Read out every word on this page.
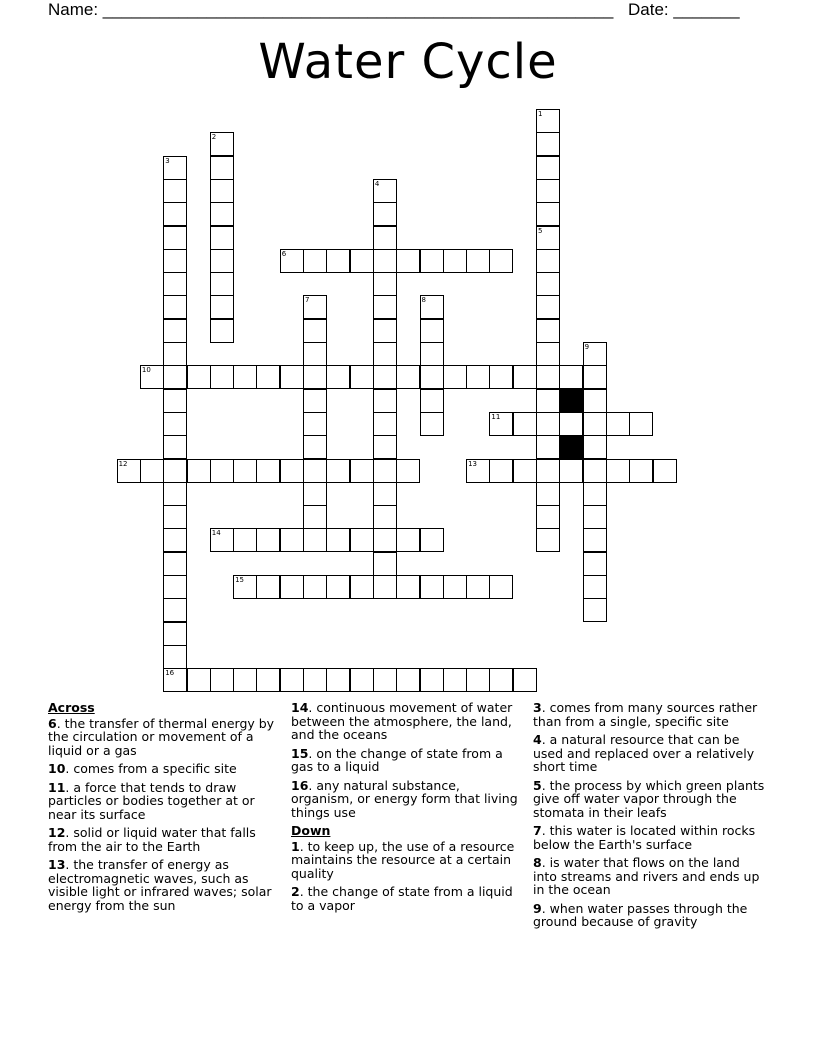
Name: ______________________________________________________ Date: _______
Water Cycle
1
5
2
3
16
4
6
7	8
9
10
11
12	13
14
15
Across
6. the transfer of thermal energy by the circulation or movement of a liquid or a gas
10. comes from a specific site
11. a force that tends to draw particles or bodies together at or near its surface
12. solid or liquid water that falls from the air to the Earth
13. the transfer of energy as electromagnetic waves, such as visible light or infrared waves; solar energy from the sun
14. continuous movement of water between the atmosphere, the land, and the oceans
15. on the change of state from a gas to a liquid
16. any natural substance, organism, or energy form that living things use
Down
1. to keep up, the use of a resource maintains the resource at a certain quality
2. the change of state from a liquid to a vapor
3. comes from many sources rather than from a single, specific site
4. a natural resource that can be used and replaced over a relatively short time
5. the process by which green plants give off water vapor through the stomata in their leafs
7. this water is located within rocks below the Earth's surface
8. is water that flows on the land into streams and rivers and ends up in the ocean
9. when water passes through the ground because of gravity
